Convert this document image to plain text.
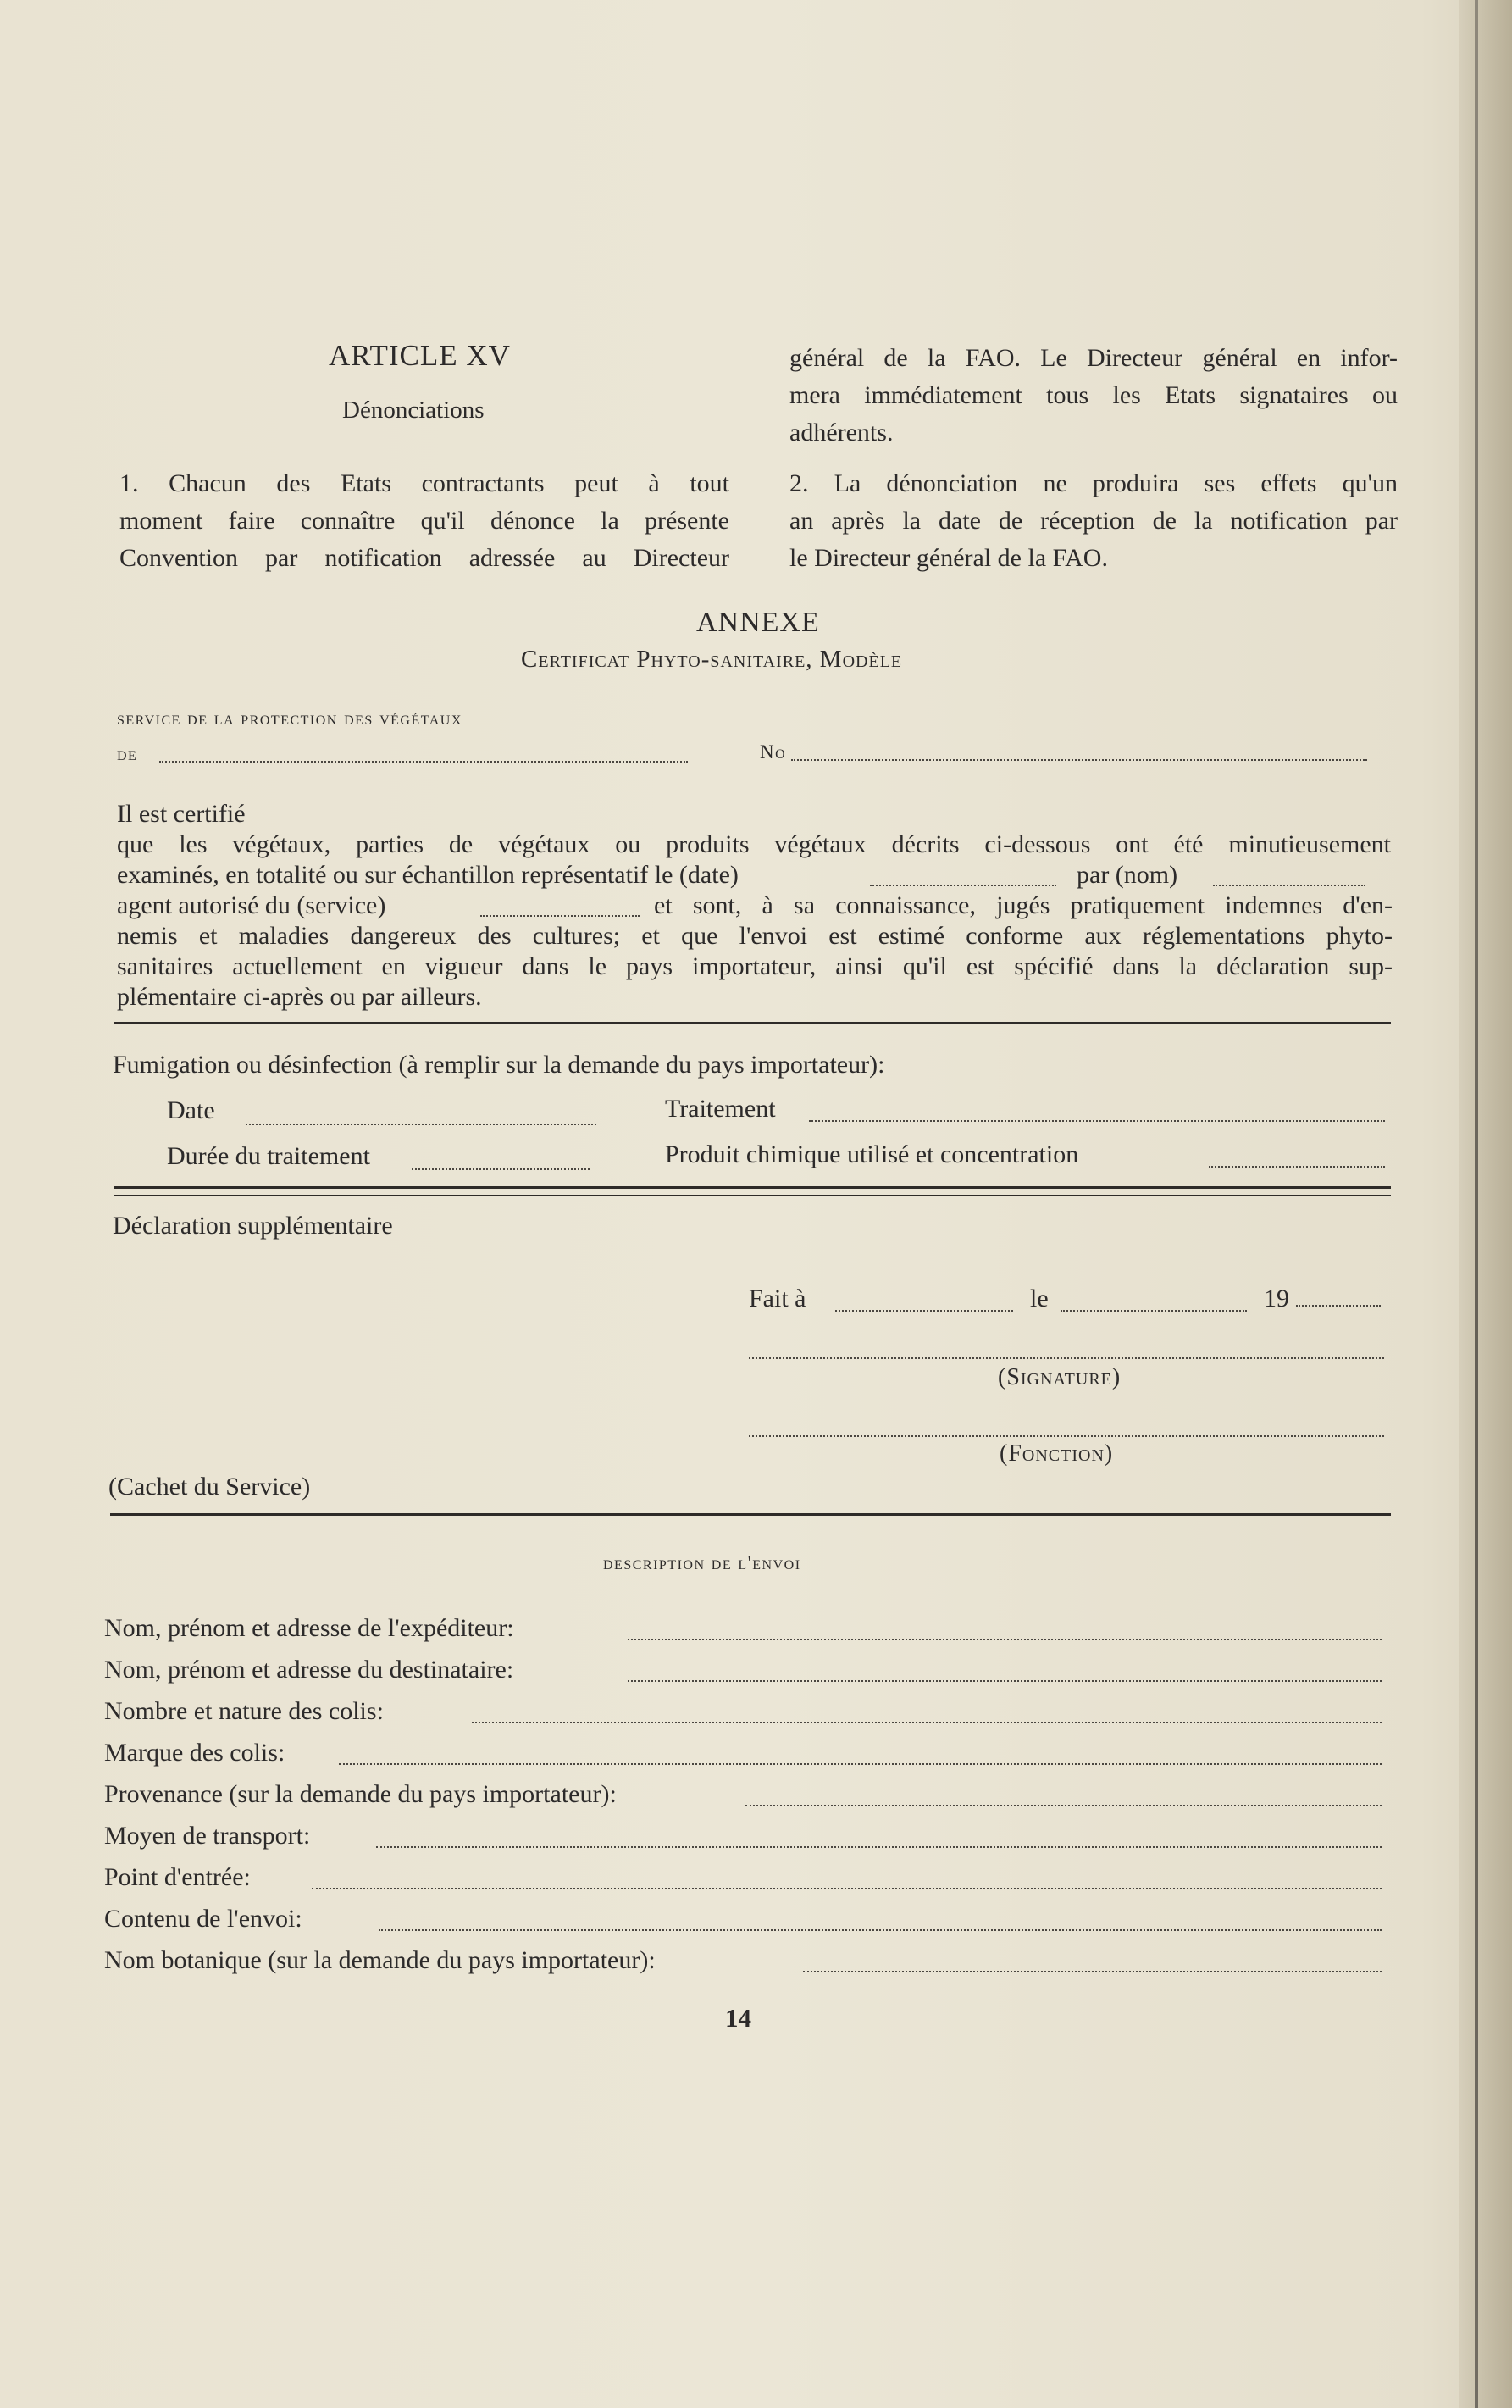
ARTICLE XV
Dénonciations

1. Chacun des Etats contractants peut à tout

moment faire connaître qu'il dénonce la présente

Convention par notification adressée au Directeur

général de la FAO. Le Directeur général en infor-

mera immédiatement tous les Etats signataires ou

adhérents.

2. La dénonciation ne produira ses effets qu'un

an après la date de réception de la notification par

le Directeur général de la FAO.

ANNEXE
Certificat Phyto-sanitaire, Modèle
service de la protection des végétaux
de	No
Il est certifié
que les végétaux, parties de végétaux ou produits végétaux décrits ci-dessous ont été minutieusement
examinés, en totalité ou sur échantillon représentatif le (date)	par (nom)
agent autorisé du (service)	et sont, à sa connaissance, jugés pratiquement indemnes d'en-
nemis et maladies dangereux des cultures; et que l'envoi est estimé conforme aux réglementations phyto-
sanitaires actuellement en vigueur dans le pays importateur, ainsi qu'il est spécifié dans la déclaration sup-
plémentaire ci-après ou par ailleurs.
Fumigation ou désinfection (à remplir sur la demande du pays importateur):
Date	Traitement
Durée du traitement	Produit chimique utilisé et concentration
Déclaration supplémentaire
Fait à	le	19
(Signature)
(Fonction)
(Cachet du Service)
description de l'envoi
Nom, prénom et adresse de l'expéditeur:
Nom, prénom et adresse du destinataire:
Nombre et nature des colis:
Marque des colis:
Provenance (sur la demande du pays importateur):
Moyen de transport:
Point d'entrée:
Contenu de l'envoi:
Nom botanique (sur la demande du pays importateur):
14
